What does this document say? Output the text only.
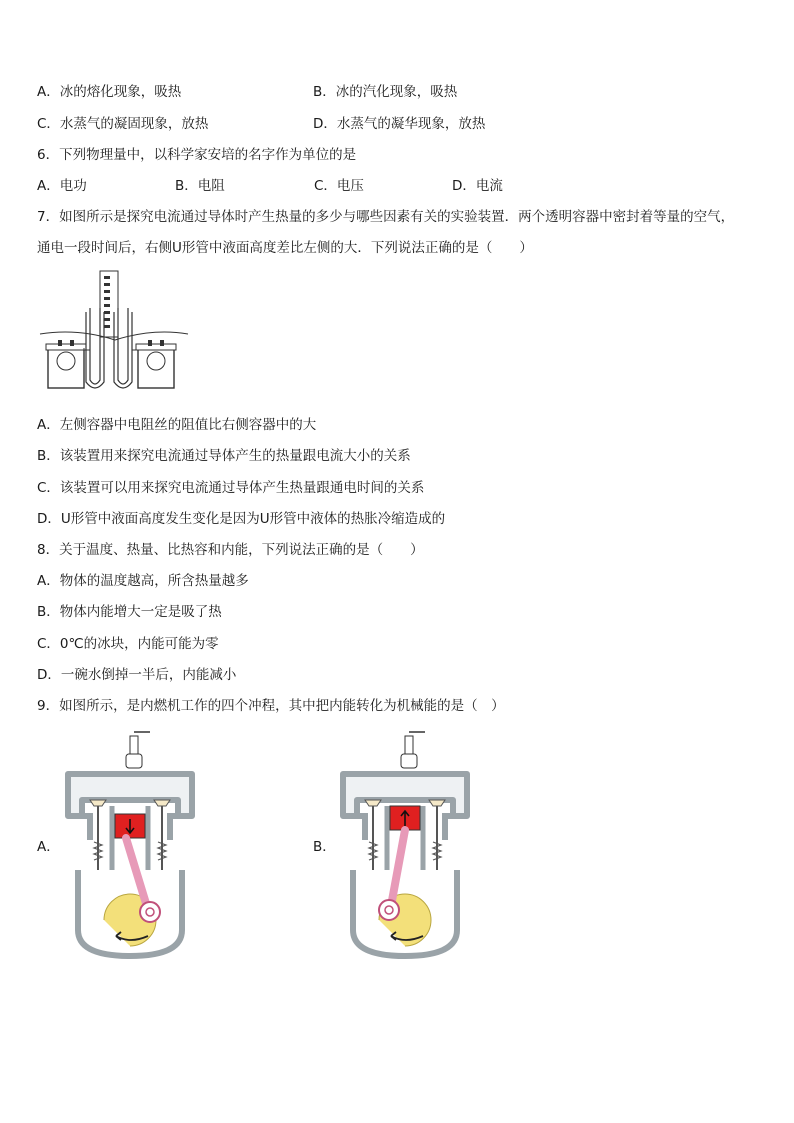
A．冰的熔化现象，吸热	B．冰的汽化现象，吸热
C．水蒸气的凝固现象，放热	D．水蒸气的凝华现象，放热
6．下列物理量中，以科学家安培的名字作为单位的是
A．电功	B．电阻	C．电压	D．电流
7．如图所示是探究电流通过导体时产生热量的多少与哪些因素有关的实验装置．两个透明容器中密封着等量的空气，
通电一段时间后，右侧U形管中液面高度差比左侧的大．下列说法正确的是（　　）
A．左侧容器中电阻丝的阻值比右侧容器中的大
B．该装置用来探究电流通过导体产生的热量跟电流大小的关系
C．该装置可以用来探究电流通过导体产生热量跟通电时间的关系
D．U形管中液面高度发生变化是因为U形管中液体的热胀冷缩造成的
8．关于温度、热量、比热容和内能，下列说法正确的是（　　）
A．物体的温度越高，所含热量越多
B．物体内能增大一定是吸了热
C．0℃的冰块，内能可能为零
D．一碗水倒掉一半后，内能减小
9．如图所示，是内燃机工作的四个冲程，其中把内能转化为机械能的是（　）
A．	B．
